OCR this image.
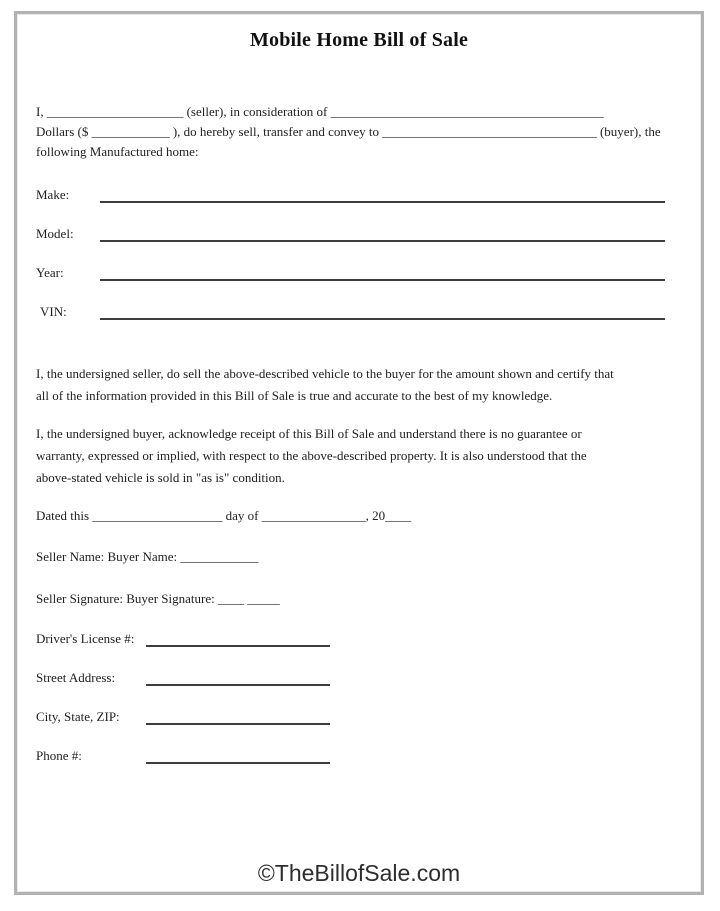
Mobile Home Bill of Sale
I, _____________________ (seller), in consideration of __________________________________________
Dollars ($ ____________ ), do hereby sell, transfer and convey to _________________________________ (buyer), the
following Manufactured home:
Make:
Model:
Year:
VIN:
I, the undersigned seller, do sell the above-described vehicle to the buyer for the amount shown and certify that
all of the information provided in this Bill of Sale is true and accurate to the best of my knowledge.
I, the undersigned buyer, acknowledge receipt of this Bill of Sale and understand there is no guarantee or
warranty, expressed or implied, with respect to the above-described property. It is also understood that the
above-stated vehicle is sold in "as is" condition.
Dated this ____________________ day of ________________, 20____
Seller Name: Buyer Name: ____________
Seller Signature: Buyer Signature: ____ _____
Driver's License #:
Street Address:
City, State, ZIP:
Phone #:
©TheBillofSale.com
